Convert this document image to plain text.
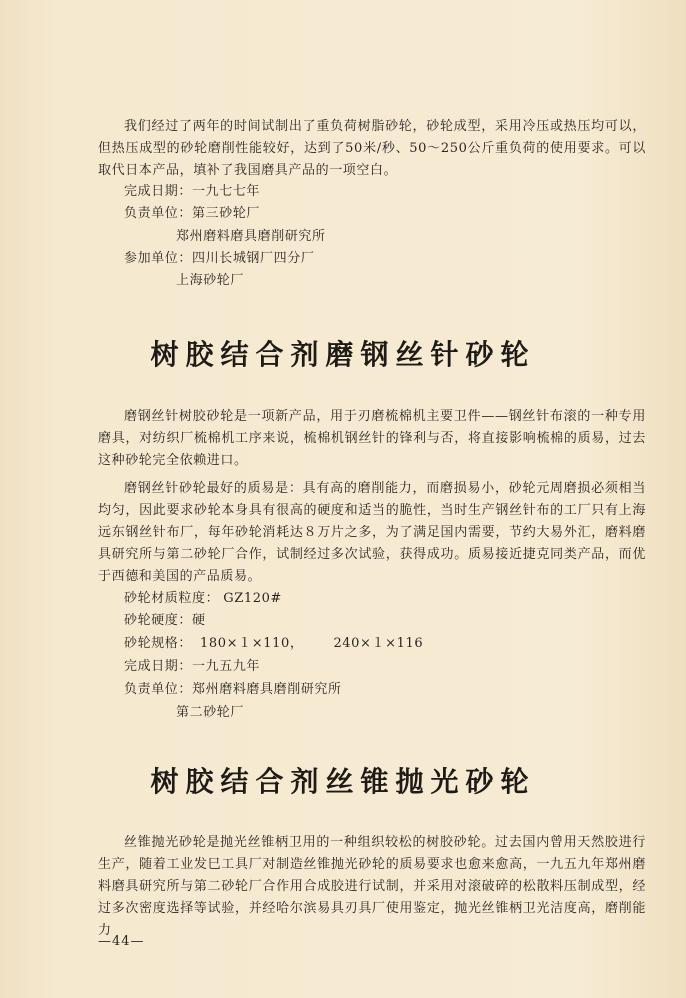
我们经过了两年的时间试制出了重负荷树脂砂轮，砂轮成型，采用冷压或热压均可以，但热压成型的砂轮磨削性能较好，达到了50米/秒、50～250公斤重负荷的使用要求。可以取代日本产品，填补了我国磨具产品的一项空白。

完成日期：一九七七年
负责单位：第三砂轮厂
郑州磨料磨具磨削研究所
参加单位：四川长城钢厂四分厂
上海砂轮厂
树胶结合剂磨钢丝针砂轮

磨钢丝针树胶砂轮是一项新产品，用于刃磨梳棉机主要卫件——钢丝针布滚的一种专用磨具，对纺织厂梳棉机工序来说，梳棉机钢丝针的锋利与否，将直接影响梳棉的质易，过去这种砂轮完全依赖进口。

磨钢丝针砂轮最好的质易是：具有高的磨削能力，而磨损易小，砂轮元周磨损必须相当均匀，因此要求砂轮本身具有很高的硬度和适当的脆性，当时生产钢丝针布的工厂只有上海远东钢丝针布厂，每年砂轮消耗达８万片之多，为了满足国内需要，节约大易外汇，磨料磨具研究所与第二砂轮厂合作，试制经过多次试验，获得成功。质易接近捷克同类产品，而优于西德和美国的产品质易。

砂轮材质粒度： GZ120#
砂轮硬度：硬
砂轮规格： 180×１×110， 240×１×116
完成日期：一九五九年
负责单位：郑州磨料磨具磨削研究所
第二砂轮厂
树胶结合剂丝锥抛光砂轮

丝锥抛光砂轮是抛光丝锥柄卫用的一种组织较松的树胶砂轮。过去国内曾用天然胶进行生产，随着工业发巳工具厂对制造丝锥抛光砂轮的质易要求也愈来愈高，一九五九年郑州磨料磨具研究所与第二砂轮厂合作用合成胶进行试制，并采用对滚破碎的松散料压制成型，经过多次密度选择等试验，并经哈尔滨易具刃具厂使用鉴定，抛光丝锥柄卫光洁度高，磨削能力

—44—
